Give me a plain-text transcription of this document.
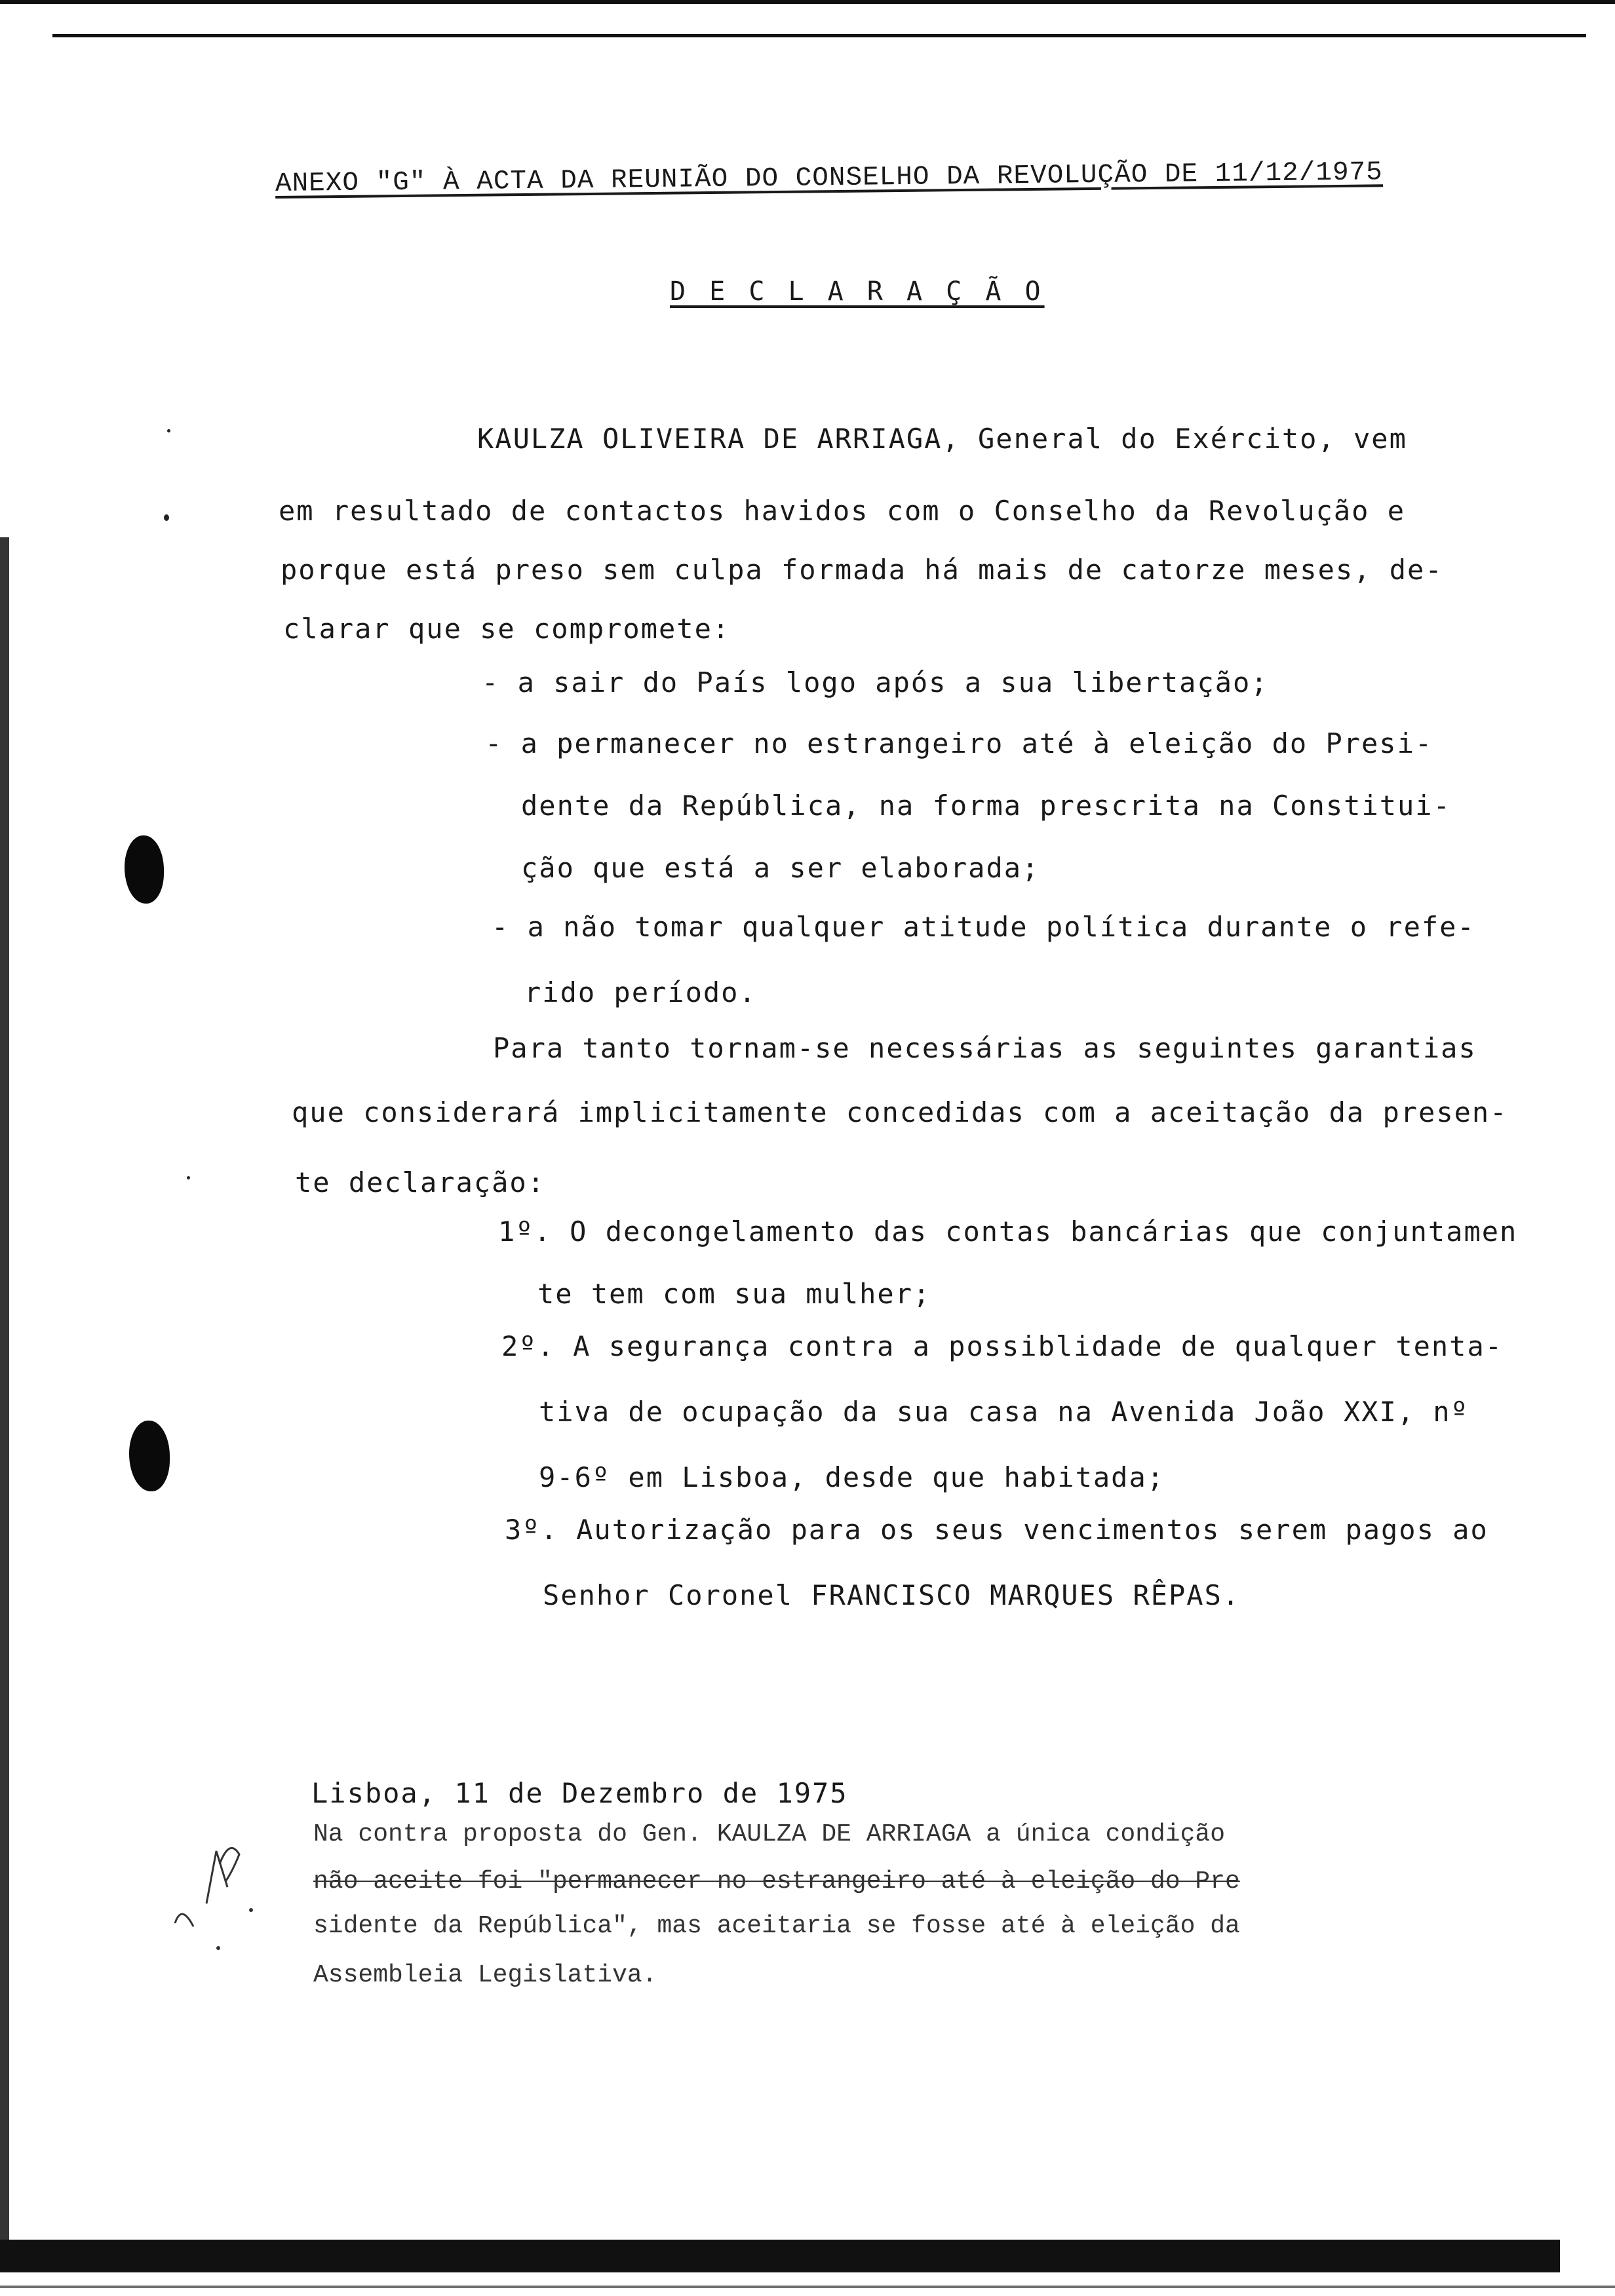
ANEXO "G" À ACTA DA REUNIÃO DO CONSELHO DA REVOLUÇÃO DE 11/12/1975
D E C L A R A Ç Ã O
KAULZA OLIVEIRA DE ARRIAGA, General do Exército, vem
em resultado de contactos havidos com o Conselho da Revolução e
porque está preso sem culpa formada há mais de catorze meses, de-
clarar que se compromete:
- a sair do País logo após a sua libertação;
- a permanecer no estrangeiro até à eleição do Presi-
dente da República, na forma prescrita na Constitui-
ção que está a ser elaborada;
- a não tomar qualquer atitude política durante o refe-
rido período.
Para tanto tornam-se necessárias as seguintes garantias
que considerará implicitamente concedidas com a aceitação da presen-
te declaração:
1º. O decongelamento das contas bancárias que conjuntamen
te tem com sua mulher;
2º. A segurança contra a possiblidade de qualquer tenta-
tiva de ocupação da sua casa na Avenida João XXI, nº
9-6º em Lisboa, desde que habitada;
3º. Autorização para os seus vencimentos serem pagos ao
Senhor Coronel FRANCISCO MARQUES RÊPAS.
Lisboa, 11 de Dezembro de 1975
Na contra proposta do Gen. KAULZA DE ARRIAGA a única condição
não aceite foi "permanecer no estrangeiro até à eleição do Pre
sidente da República", mas aceitaria se fosse até à eleição da
Assembleia Legislativa.
